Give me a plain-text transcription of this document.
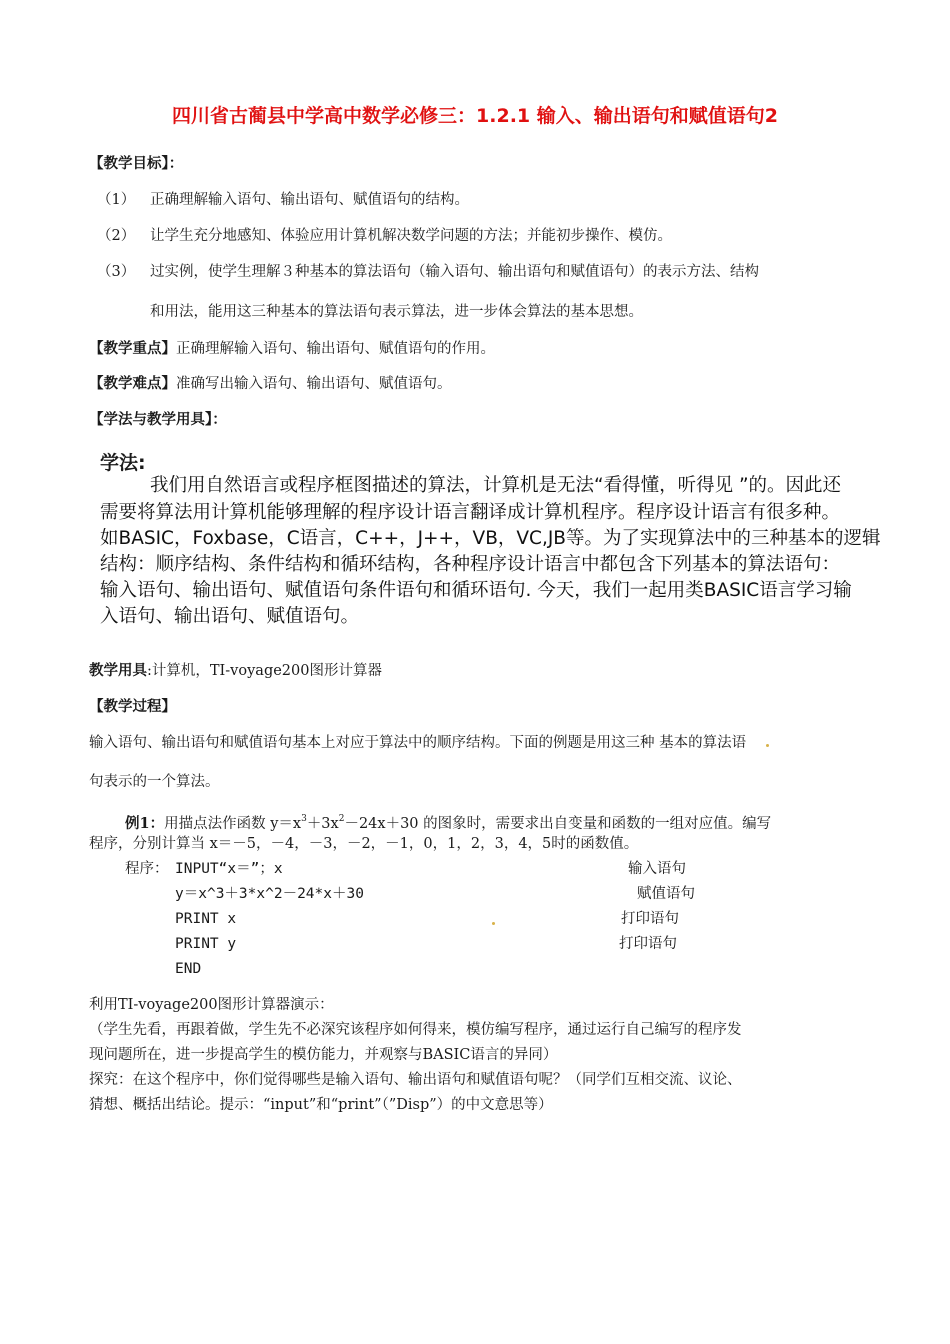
四川省古蔺县中学高中数学必修三：1.2.1 输入、输出语句和赋值语句2
【教学目标】：
（1） 正确理解输入语句、输出语句、赋值语句的结构。
（2） 让学生充分地感知、体验应用计算机解决数学问题的方法；并能初步操作、模仿。
（3） 过实例，使学生理解３种基本的算法语句（输入语句、输出语句和赋值语句）的表示方法、结构
和用法，能用这三种基本的算法语句表示算法，进一步体会算法的基本思想。
【教学重点】正确理解输入语句、输出语句、赋值语句的作用。
【教学难点】准确写出输入语句、输出语句、赋值语句。
【学法与教学用具】：
学法:
我们用自然语言或程序框图描述的算法，计算机是无法“看得懂，听得见 ”的。因此还
需要将算法用计算机能够理解的程序设计语言翻译成计算机程序。程序设计语言有很多种。
如BASIC，Foxbase，C语言，C++，J++，VB，VC,JB等。为了实现算法中的三种基本的逻辑
结构：顺序结构、条件结构和循环结构，各种程序设计语言中都包含下列基本的算法语句：
输入语句、输出语句、赋值语句条件语句和循环语句. 今天，我们一起用类BASIC语言学习输
入语句、输出语句、赋值语句。
教学用具:计算机，TI-voyage200图形计算器
【教学过程】
输入语句、输出语句和赋值语句基本上对应于算法中的顺序结构。下面的例题是用这三种 基本的算法语
句表示的一个算法。
例1：用描点法作函数 $y=x^3+3x^2-24x+30$ 的图象时，需要求出自变量和函数的一组对应值。编写
程序，分别计算当 x＝－5，－4，－3，－2，－1，0，1，2，3，4，5时的函数值。
程序： INPUT“x＝”；x	输入语句
y＝x^3＋3*x^2－24*x＋30	赋值语句
PRINT x	打印语句
PRINT y	打印语句
END
利用TI-voyage200图形计算器演示：
（学生先看，再跟着做，学生先不必深究该程序如何得来，模仿编写程序，通过运行自己编写的程序发
现问题所在，进一步提高学生的模仿能力，并观察与BASIC语言的异同）
探究：在这个程序中，你们觉得哪些是输入语句、输出语句和赋值语句呢？（同学们互相交流、议论、
猜想、概括出结论。提示：“input”和“print”（”Disp”）的中文意思等）
